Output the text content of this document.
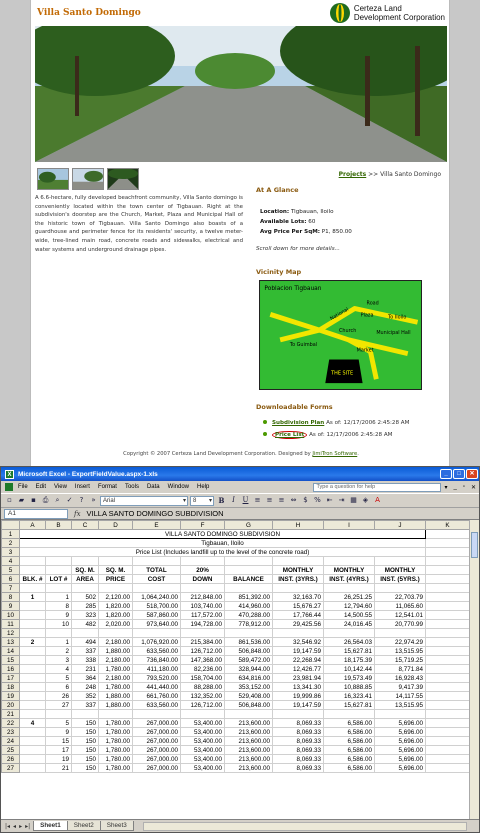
Villa Santo Domingo	Certeza Land
Development Corporation
Projects >> Villa Santo Domingo
A 6.6-hectare, fully developed beachfront community, Villa Santo domingo is conveniently located within the town center of Tigbauan. Right at the subdivision's doorstep are the Church, Market, Plaza and Municipal Hall of the historic town of Tigbauan. Villa Santo Domingo also boasts of a guardhouse and perimeter fence for its residents' security, a twelve meter-wide, tree-lined main road, concrete roads and sidewalks, electrical and water systems and underground drainage pipes.
At A Glance
Location: Tigbauan, Iloilo
Available Lots: 60
Avg Price Per SqM: P1, 850.00
Scroll down for more details...
Vicinity Map
Poblacion Tigbauan
Road
National Plaza	To Iloilo
Church	Municipal Hall
To Guimbal
Market
THE SITE
Downloadable Forms
Subdivision Plan As of: 12/17/2006 2:45:28 AM
Price List As of: 12/17/2006 2:45:28 AM
Copyright © 2007 Certeza Land Development Corporation. Designed by JimiTron Software.
X	Microsoft Excel - ExportFieldValue.aspx-1.xls	_	□	✕
File Edit View Insert Format Tools Data Window Help	Type a question for help	▾ _ ▫ ✕
▫ ▰ ▪ ⎙	⌕	✓	?	»	Arial ▾	8 ▾	B	I	U ≡ ≡ ≡ ⇔ $ % ⇤ ⇥ ▦ ◈ A
A1	fx VILLA SANTO DOMINGO SUBDIVISION
	A	B	C	D	E	F	G	H	I	J	K
1	VILLA SANTO DOMINGO SUBDIVISION										
2	Tigbauan, Iloilo										
3	Price List (Includes landfill up to the level of the concrete road)										
4											
5			SQ. M.	SQ. M.	TOTAL	20%		MONTHLY	MONTHLY	MONTHLY	
6	BLK. #	LOT #	AREA	PRICE	COST	DOWN	BALANCE	INST. (3YRS.)	INST. (4YRS.)	INST. (5YRS.)	
7											
8	1	1	502	2,120.00	1,064,240.00	212,848.00	851,392.00	32,163.70	26,251.25	22,703.79	
9		8	285	1,820.00	518,700.00	103,740.00	414,960.00	15,676.27	12,794.60	11,065.60	
10		9	323	1,820.00	587,860.00	117,572.00	470,288.00	17,766.44	14,500.55	12,541.01	
11		10	482	2,020.00	973,640.00	194,728.00	778,912.00	29,425.56	24,016.45	20,770.99	
12											
13	2	1	494	2,180.00	1,076,920.00	215,384.00	861,536.00	32,546.92	26,564.03	22,974.29	
14		2	337	1,880.00	633,560.00	126,712.00	506,848.00	19,147.59	15,627.81	13,515.95	
15		3	338	2,180.00	736,840.00	147,368.00	589,472.00	22,268.94	18,175.39	15,719.25	
16		4	231	1,780.00	411,180.00	82,236.00	328,944.00	12,426.77	10,142.44	8,771.84	
17		5	364	2,180.00	793,520.00	158,704.00	634,816.00	23,981.94	19,573.49	16,928.43	
18		6	248	1,780.00	441,440.00	88,288.00	353,152.00	13,341.30	10,888.85	9,417.39	
19		26	352	1,880.00	661,760.00	132,352.00	529,408.00	19,999.86	16,323.41	14,117.55	
20		27	337	1,880.00	633,560.00	126,712.00	506,848.00	19,147.59	15,627.81	13,515.95	
21											
22	4	5	150	1,780.00	267,000.00	53,400.00	213,600.00	8,069.33	6,586.00	5,696.00	
23		9	150	1,780.00	267,000.00	53,400.00	213,600.00	8,069.33	6,586.00	5,696.00	
24		15	150	1,780.00	267,000.00	53,400.00	213,600.00	8,069.33	6,586.00	5,696.00	
25		17	150	1,780.00	267,000.00	53,400.00	213,600.00	8,069.33	6,586.00	5,696.00	
26		19	150	1,780.00	267,000.00	53,400.00	213,600.00	8,069.33	6,586.00	5,696.00	
27		21	150	1,780.00	267,000.00	53,400.00	213,600.00	8,069.33	6,586.00	5,696.00	
|◂ ◂ ▸ ▸|	Sheet1	Sheet2	Sheet3
